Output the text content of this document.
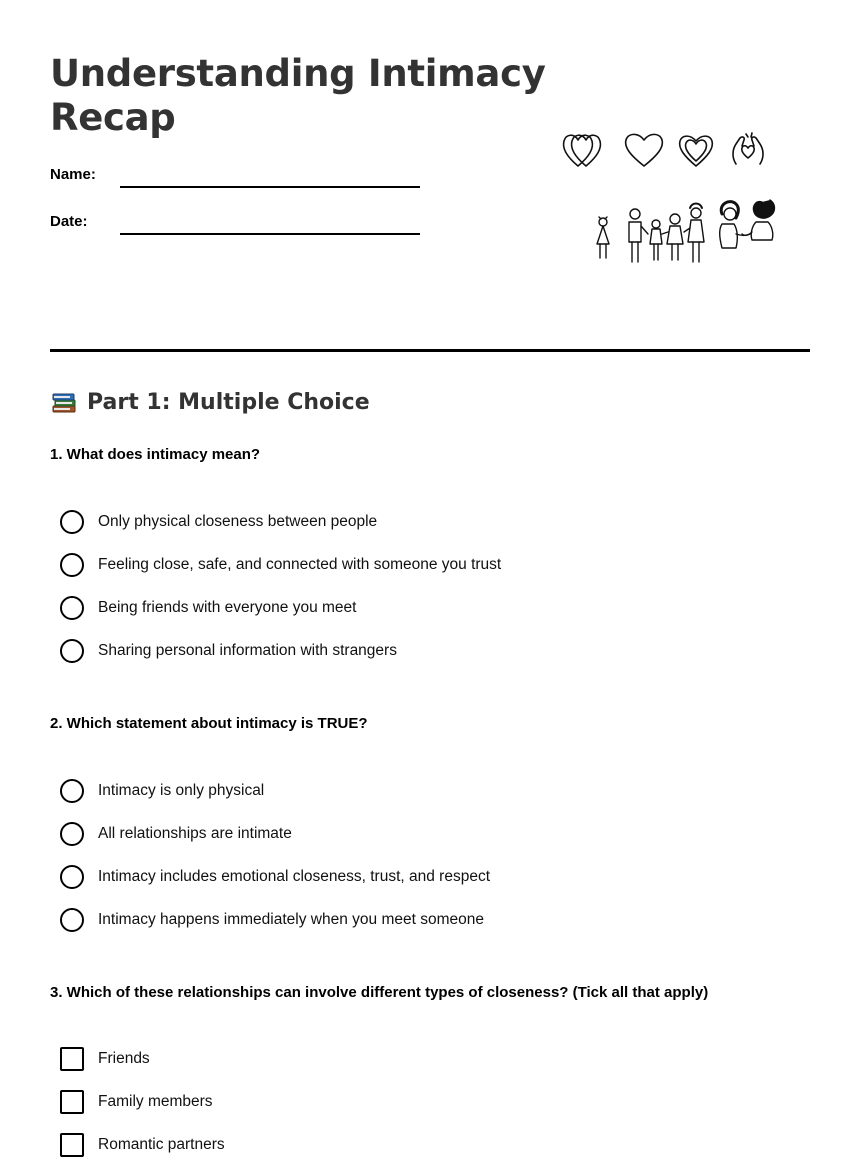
Understanding Intimacy Recap
Name:
Date:
Part 1: Multiple Choice

1. What does intimacy mean?

Only physical closeness between people
Feeling close, safe, and connected with someone you trust
Being friends with everyone you meet
Sharing personal information with strangers

2. Which statement about intimacy is TRUE?

Intimacy is only physical
All relationships are intimate
Intimacy includes emotional closeness, trust, and respect
Intimacy happens immediately when you meet someone

3. Which of these relationships can involve different types of closeness? (Tick all that apply)

Friends
Family members
Romantic partners
